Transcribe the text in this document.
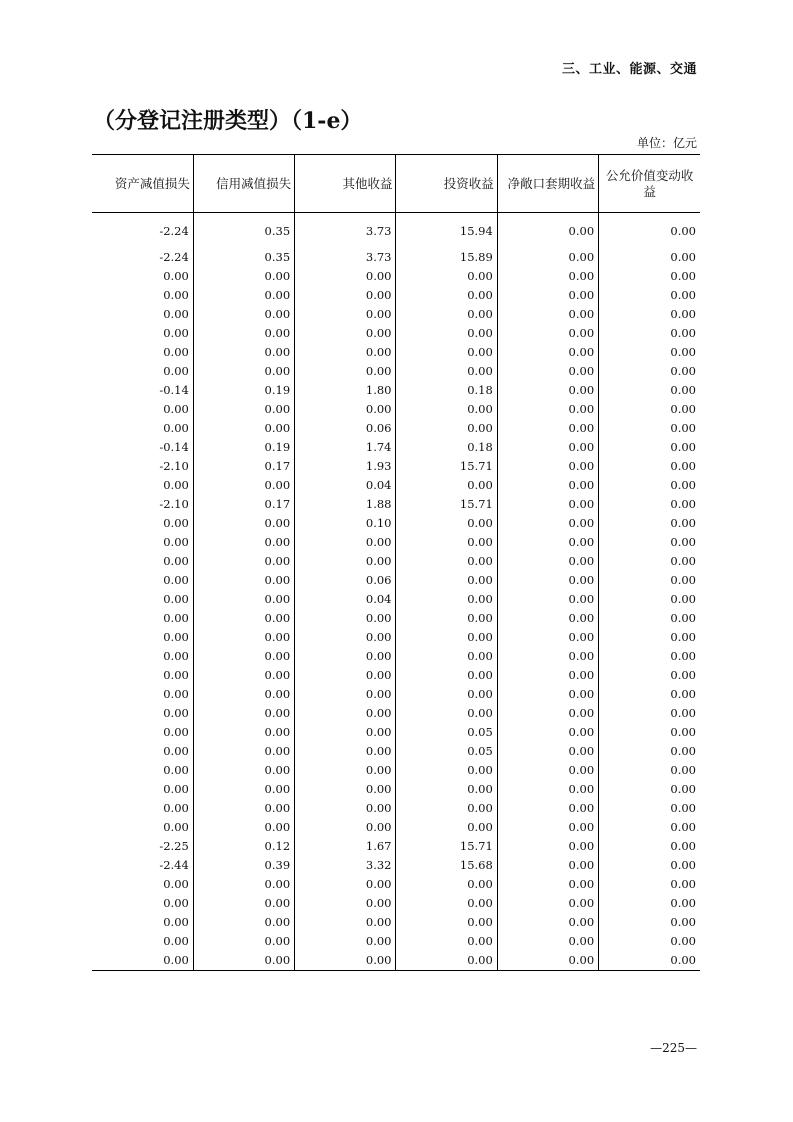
三、工业、能源、交通
（分登记注册类型）（1-e）
单位：亿元
资产减值损失	信用减值损失	其他收益	投资收益	净敞口套期收益	公允价值变动收益
-2.24	0.35	3.73	15.94	0.00	0.00
-2.24	0.35	3.73	15.89	0.00	0.00
0.00	0.00	0.00	0.00	0.00	0.00
0.00	0.00	0.00	0.00	0.00	0.00
0.00	0.00	0.00	0.00	0.00	0.00
0.00	0.00	0.00	0.00	0.00	0.00
0.00	0.00	0.00	0.00	0.00	0.00
0.00	0.00	0.00	0.00	0.00	0.00
-0.14	0.19	1.80	0.18	0.00	0.00
0.00	0.00	0.00	0.00	0.00	0.00
0.00	0.00	0.06	0.00	0.00	0.00
-0.14	0.19	1.74	0.18	0.00	0.00
-2.10	0.17	1.93	15.71	0.00	0.00
0.00	0.00	0.04	0.00	0.00	0.00
-2.10	0.17	1.88	15.71	0.00	0.00
0.00	0.00	0.10	0.00	0.00	0.00
0.00	0.00	0.00	0.00	0.00	0.00
0.00	0.00	0.00	0.00	0.00	0.00
0.00	0.00	0.06	0.00	0.00	0.00
0.00	0.00	0.04	0.00	0.00	0.00
0.00	0.00	0.00	0.00	0.00	0.00
0.00	0.00	0.00	0.00	0.00	0.00
0.00	0.00	0.00	0.00	0.00	0.00
0.00	0.00	0.00	0.00	0.00	0.00
0.00	0.00	0.00	0.00	0.00	0.00
0.00	0.00	0.00	0.00	0.00	0.00
0.00	0.00	0.00	0.05	0.00	0.00
0.00	0.00	0.00	0.05	0.00	0.00
0.00	0.00	0.00	0.00	0.00	0.00
0.00	0.00	0.00	0.00	0.00	0.00
0.00	0.00	0.00	0.00	0.00	0.00
0.00	0.00	0.00	0.00	0.00	0.00
-2.25	0.12	1.67	15.71	0.00	0.00
-2.44	0.39	3.32	15.68	0.00	0.00
0.00	0.00	0.00	0.00	0.00	0.00
0.00	0.00	0.00	0.00	0.00	0.00
0.00	0.00	0.00	0.00	0.00	0.00
0.00	0.00	0.00	0.00	0.00	0.00
0.00	0.00	0.00	0.00	0.00	0.00
—225—
